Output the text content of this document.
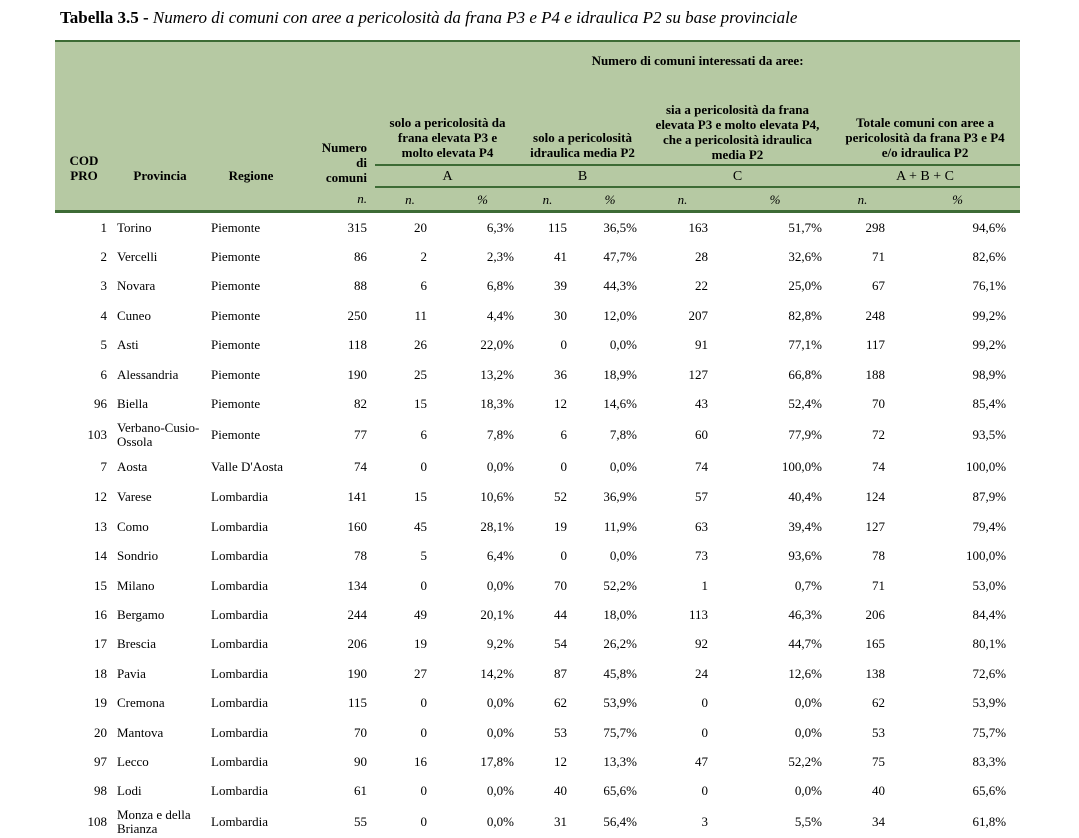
Tabella 3.5 - Numero di comuni con aree a pericolosità da frana P3 e P4 e idraulica P2 su base provinciale
COD PRO	Provincia	Regione	Numero di comuni	Numero di comuni interessati da aree:							
				solo a pericolosità da frana elevata P3 e molto elevata P4		solo a pericolosità idraulica media P2		sia a pericolosità da frana elevata P3 e molto elevata P4, che a pericolosità idraulica media P2		Totale comuni con aree a pericolosità da frana P3 e P4 e/o idraulica P2	
				A		B		C		A + B + C	
			n.	n.	%	n.	%	n.	%	n.	%
1	Torino	Piemonte	315	20	6,3%	115	36,5%	163	51,7%	298	94,6%
2	Vercelli	Piemonte	86	2	2,3%	41	47,7%	28	32,6%	71	82,6%
3	Novara	Piemonte	88	6	6,8%	39	44,3%	22	25,0%	67	76,1%
4	Cuneo	Piemonte	250	11	4,4%	30	12,0%	207	82,8%	248	99,2%
5	Asti	Piemonte	118	26	22,0%	0	0,0%	91	77,1%	117	99,2%
6	Alessandria	Piemonte	190	25	13,2%	36	18,9%	127	66,8%	188	98,9%
96	Biella	Piemonte	82	15	18,3%	12	14,6%	43	52,4%	70	85,4%
103	Verbano-Cusio-Ossola	Piemonte	77	6	7,8%	6	7,8%	60	77,9%	72	93,5%
7	Aosta	Valle D'Aosta	74	0	0,0%	0	0,0%	74	100,0%	74	100,0%
12	Varese	Lombardia	141	15	10,6%	52	36,9%	57	40,4%	124	87,9%
13	Como	Lombardia	160	45	28,1%	19	11,9%	63	39,4%	127	79,4%
14	Sondrio	Lombardia	78	5	6,4%	0	0,0%	73	93,6%	78	100,0%
15	Milano	Lombardia	134	0	0,0%	70	52,2%	1	0,7%	71	53,0%
16	Bergamo	Lombardia	244	49	20,1%	44	18,0%	113	46,3%	206	84,4%
17	Brescia	Lombardia	206	19	9,2%	54	26,2%	92	44,7%	165	80,1%
18	Pavia	Lombardia	190	27	14,2%	87	45,8%	24	12,6%	138	72,6%
19	Cremona	Lombardia	115	0	0,0%	62	53,9%	0	0,0%	62	53,9%
20	Mantova	Lombardia	70	0	0,0%	53	75,7%	0	0,0%	53	75,7%
97	Lecco	Lombardia	90	16	17,8%	12	13,3%	47	52,2%	75	83,3%
98	Lodi	Lombardia	61	0	0,0%	40	65,6%	0	0,0%	40	65,6%
108	Monza e della Brianza	Lombardia	55	0	0,0%	31	56,4%	3	5,5%	34	61,8%
